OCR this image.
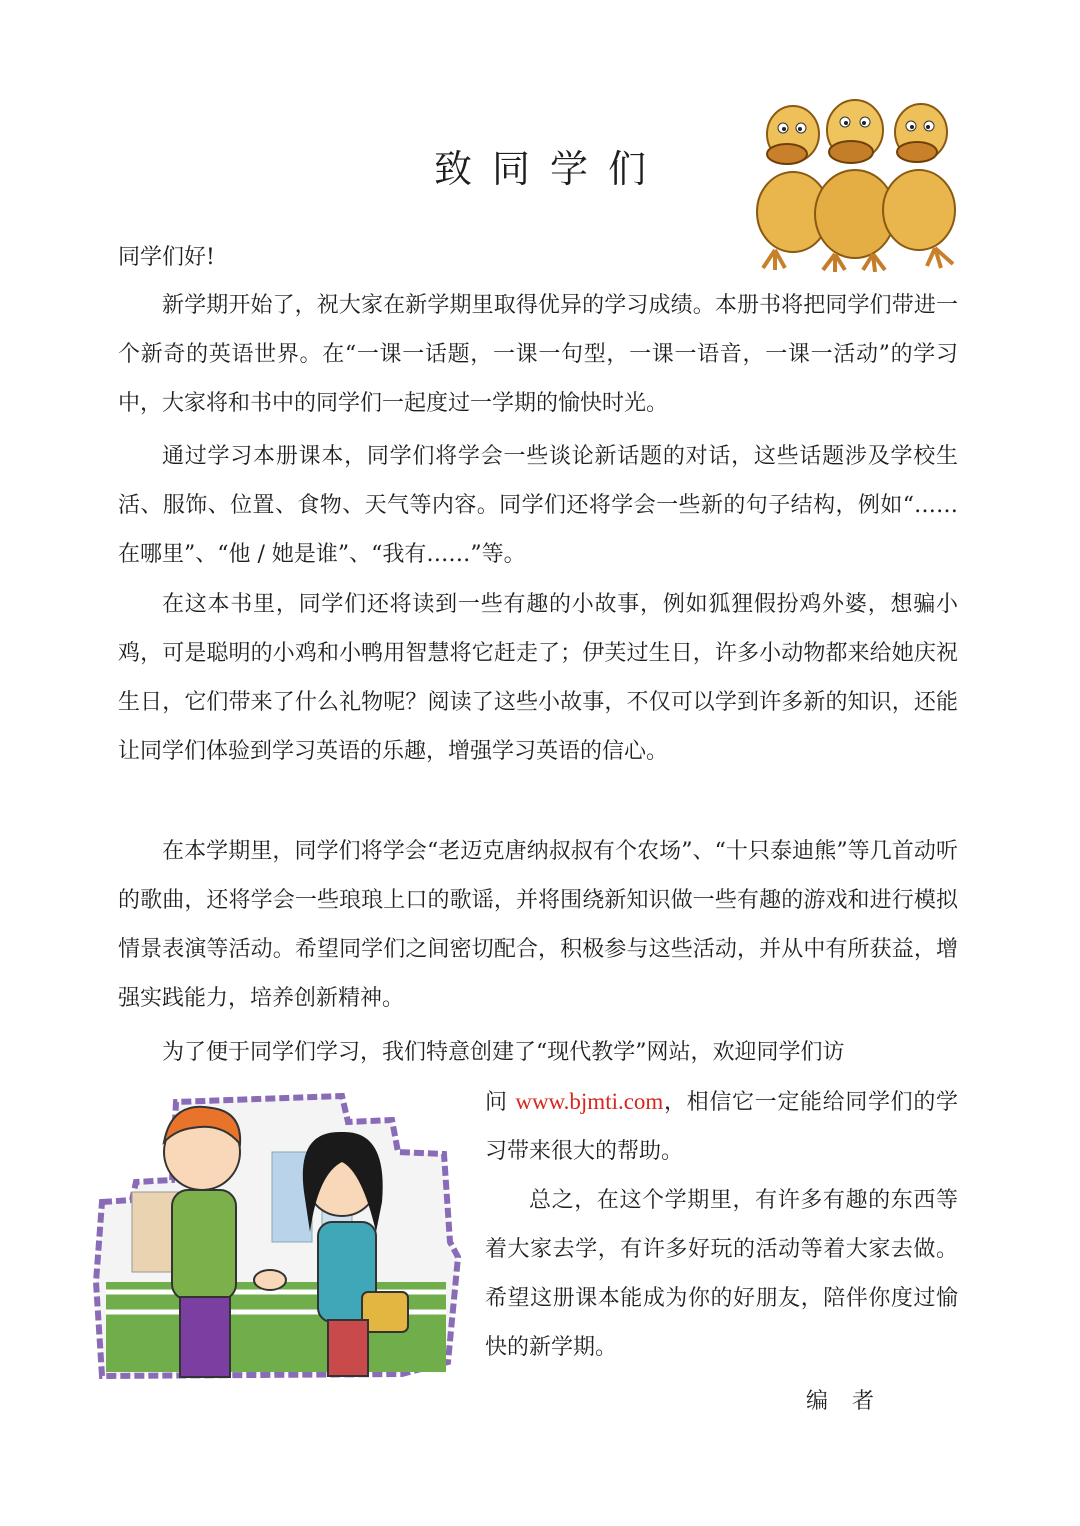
致同学们

同学们好!

新学期开始了，祝大家在新学期里取得优异的学习成绩。本册书将把同学们带进一个新奇的英语世界。在“一课一话题，一课一句型，一课一语音，一课一活动”的学习中，大家将和书中的同学们一起度过一学期的愉快时光。

通过学习本册课本，同学们将学会一些谈论新话题的对话，这些话题涉及学校生活、服饰、位置、食物、天气等内容。同学们还将学会一些新的句子结构，例如“……在哪里”、“他 / 她是谁”、“我有……”等。

在这本书里，同学们还将读到一些有趣的小故事，例如狐狸假扮鸡外婆，想骗小鸡，可是聪明的小鸡和小鸭用智慧将它赶走了；伊芙过生日，许多小动物都来给她庆祝生日，它们带来了什么礼物呢？阅读了这些小故事，不仅可以学到许多新的知识，还能让同学们体验到学习英语的乐趣，增强学习英语的信心。

在本学期里，同学们将学会“老迈克唐纳叔叔有个农场”、“十只泰迪熊”等几首动听的歌曲，还将学会一些琅琅上口的歌谣，并将围绕新知识做一些有趣的游戏和进行模拟情景表演等活动。希望同学们之间密切配合，积极参与这些活动，并从中有所获益，增强实践能力，培养创新精神。

为了便于同学们学习，我们特意创建了“现代教学”网站，欢迎同学们访

问 www.bjmti.com，相信它一定能给同学们的学习带来很大的帮助。

总之，在这个学期里，有许多有趣的东西等着大家去学，有许多好玩的活动等着大家去做。希望这册课本能成为你的好朋友，陪伴你度过愉快的新学期。

编者
